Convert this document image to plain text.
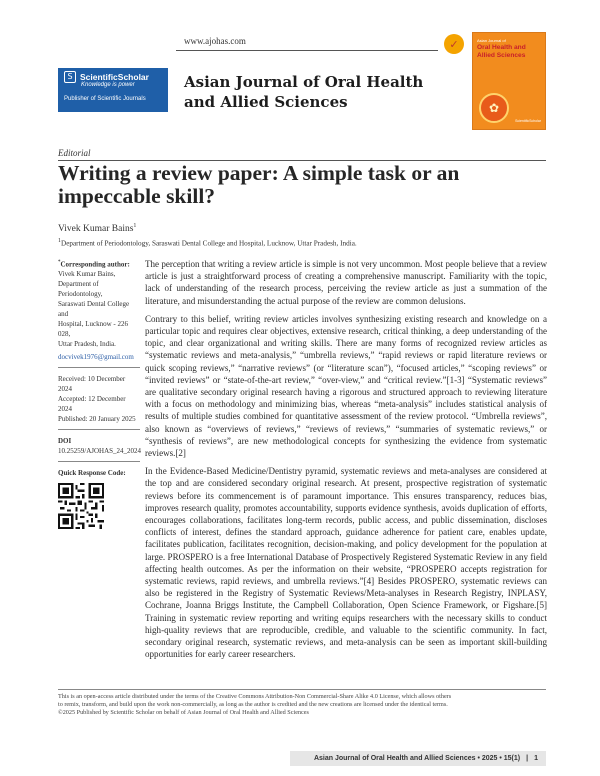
S ScientificScholar
Knowledge is power
Publisher of Scientific Journals
www.ajohas.com
Asian Journal of Oral Health and Allied Sciences
✓	Asian Journal of
Oral Health and Allied Sciences
✿
ScientificScholar
Editorial
Writing a review paper: A simple task or an impeccable skill?
Vivek Kumar Bains$^1$
$^1$Department of Periodontology, Saraswati Dental College and Hospital, Lucknow, Uttar Pradesh, India.
*Corresponding author:
Vivek Kumar Bains,
Department of Periodontology,
Saraswati Dental College and
Hospital, Lucknow - 226 028,
Uttar Pradesh, India.
docvivek1976@gmail.com
Received: 10 December 2024
Accepted: 12 December 2024
Published: 20 January 2025
DOI
10.25259/AJOHAS_24_2024
Quick Response Code:

The perception that writing a review article is simple is not very uncommon. Most people believe that a review article is just a straightforward process of creating a comprehensive manuscript. Familiarity with the topic, lack of understanding of the research process, perceiving the review article as just a summation of the literature, and misunderstanding the actual purpose of the review are common delusions.

Contrary to this belief, writing review articles involves synthesizing existing research and knowledge on a particular topic and requires clear objectives, extensive research, critical thinking, a deep understanding of the topic, and clear organizational and writing skills. There are many forms of recognized review articles as “systematic reviews and meta-analysis,” “umbrella reviews,” “rapid reviews or rapid literature reviews or quick scoping reviews,” “narrative reviews” (or “literature scan”), “focused articles,” “scoping reviews” or “invited reviews” or “state-of-the-art review,” “over-view,” and “critical review.”[1-3] “Systematic reviews” are qualitative secondary original research having a rigorous and structured approach to reviewing literature with a focus on methodology and minimizing bias, whereas “meta-analysis” includes statistical analysis of results of multiple studies combined for quantitative assessment of the review protocol. “Umbrella reviews”, also known as “overviews of reviews,” “reviews of reviews,” “summaries of systematic reviews,” or “synthesis of reviews”, are new methodological concepts for synthesizing the evidence from systematic reviews.[2]

In the Evidence-Based Medicine/Dentistry pyramid, systematic reviews and meta-analyses are considered at the top and are considered secondary original research. At present, prospective registration of systematic reviews before its commencement is of paramount importance. This ensures transparency, reduces bias, improves research quality, promotes accountability, supports evidence synthesis, avoids duplication of efforts, encourages collaborations, facilitates long-term records, public access, and public dissemination, discloses conflicts of interest, defines the standard approach, guidance adherence for patient care, enables update, facilitates publication, facilitates recognition, decision-making, and policy development for the population at large. PROSPERO is a free International Database of Prospectively Registered Systematic Review in any field affecting health outcomes. As per the information on their website, “PROSPERO accepts registration for systematic reviews, rapid reviews, and umbrella reviews.”[4] Besides PROSPERO, systematic reviews can also be registered in the Registry of Systematic Reviews/Meta-analyses in Research Registry, INPLASY, Cochrane, Joanna Briggs Institute, the Campbell Collaboration, Open Science Framework, or Figshare.[5] Training in systematic review reporting and writing equips researchers with the necessary skills to conduct high-quality reviews that are reproducible, credible, and valuable to the scientific community. In fact, secondary original research, systematic reviews, and meta-analysis can be seen as important skill-building opportunities for early career researchers.

This is an open-access article distributed under the terms of the Creative Commons Attribution-Non Commercial-Share Alike 4.0 License, which allows others
to remix, transform, and build upon the work non-commercially, as long as the author is credited and the new creations are licensed under the identical terms.
©2025 Published by Scientific Scholar on behalf of Asian Journal of Oral Health and Allied Sciences
Asian Journal of Oral Health and Allied Sciences • 2025 • 15(1) | 1
